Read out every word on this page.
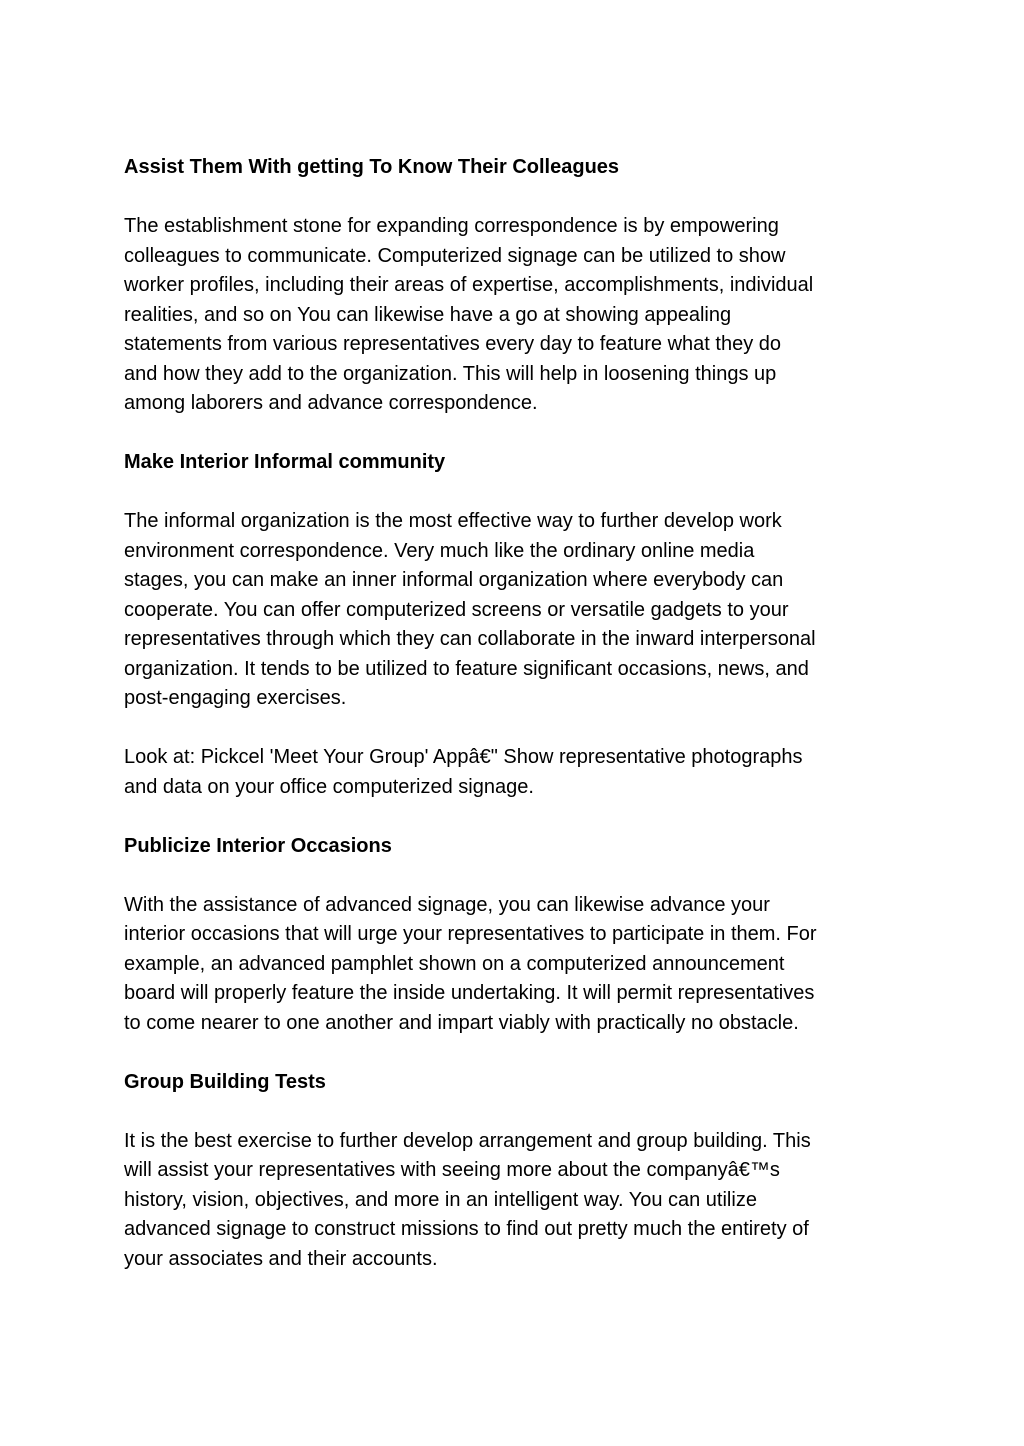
Assist Them With getting To Know Their Colleagues

The establishment stone for expanding correspondence is by empowering
colleagues to communicate. Computerized signage can be utilized to show
worker profiles, including their areas of expertise, accomplishments, individual
realities, and so on You can likewise have a go at showing appealing
statements from various representatives every day to feature what they do
and how they add to the organization. This will help in loosening things up
among laborers and advance correspondence.

Make Interior Informal community

The informal organization is the most effective way to further develop work
environment correspondence. Very much like the ordinary online media
stages, you can make an inner informal organization where everybody can
cooperate. You can offer computerized screens or versatile gadgets to your
representatives through which they can collaborate in the inward interpersonal
organization. It tends to be utilized to feature significant occasions, news, and
post-engaging exercises.

Look at: Pickcel 'Meet Your Group' Appâ€" Show representative photographs
and data on your office computerized signage.

Publicize Interior Occasions

With the assistance of advanced signage, you can likewise advance your
interior occasions that will urge your representatives to participate in them. For
example, an advanced pamphlet shown on a computerized announcement
board will properly feature the inside undertaking. It will permit representatives
to come nearer to one another and impart viably with practically no obstacle.

Group Building Tests

It is the best exercise to further develop arrangement and group building. This
will assist your representatives with seeing more about the companyâ€™s
history, vision, objectives, and more in an intelligent way. You can utilize
advanced signage to construct missions to find out pretty much the entirety of
your associates and their accounts.
